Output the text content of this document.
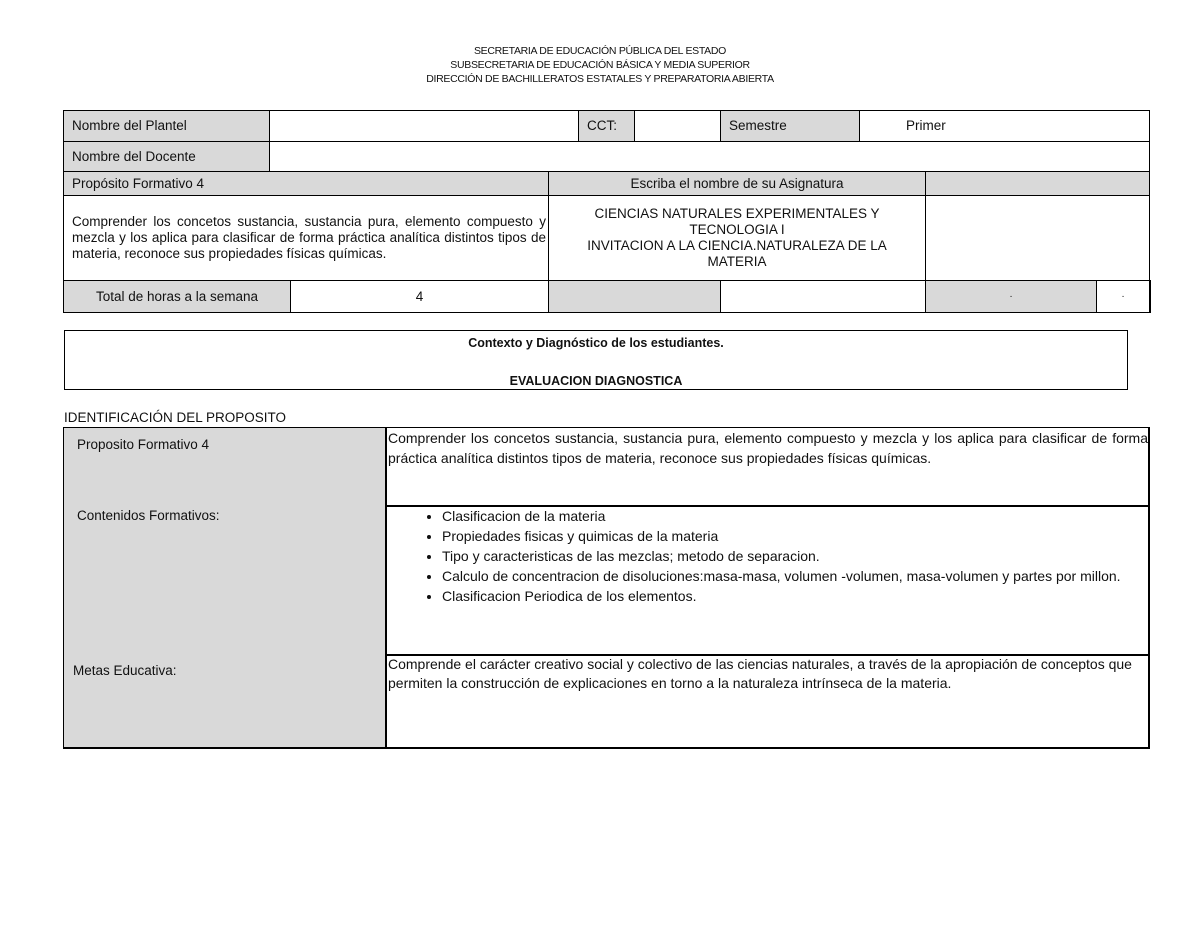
SECRETARIA DE EDUCACIÓN PÚBLICA DEL ESTADO
SUBSECRETARIA DE EDUCACIÓN BÁSICA Y MEDIA SUPERIOR
DIRECCIÓN DE BACHILLERATOS ESTATALES Y PREPARATORIA ABIERTA
Nombre del Plantel	CCT:	Semestre	Primer
Nombre del Docente
Propósito Formativo 4	Escriba el nombre de su Asignatura
Comprender los concetos sustancia, sustancia pura, elemento compuesto y mezcla y los aplica para clasificar de forma práctica analítica distintos tipos de materia, reconoce sus propiedades físicas químicas.
CIENCIAS NATURALES EXPERIMENTALES Y TECNOLOGIA I
INVITACION A LA CIENCIA.NATURALEZA DE LA MATERIA
Total de horas a la semana	4	·	·
Contexto y Diagnóstico de los estudiantes.
EVALUACION DIAGNOSTICA
IDENTIFICACIÓN DEL PROPOSITO
Proposito Formativo 4	Comprender los concetos sustancia, sustancia pura, elemento compuesto y mezcla y los aplica para clasificar de forma práctica analítica distintos tipos de materia, reconoce sus propiedades físicas químicas.
Contenidos Formativos:
•	Clasificacion de la materia
• Propiedades fisicas y quimicas de la materia
• Tipo y caracteristicas de las mezclas; metodo de separacion.
• Calculo de concentracion de disoluciones:masa-masa, volumen -volumen, masa-volumen y partes por millon.
• Clasificacion Periodica de los elementos.
Metas Educativa:	Comprende el carácter creativo social y colectivo de las ciencias naturales, a través de la apropiación de conceptos que permiten la construcción de explicaciones en torno a la naturaleza intrínseca de la materia.
